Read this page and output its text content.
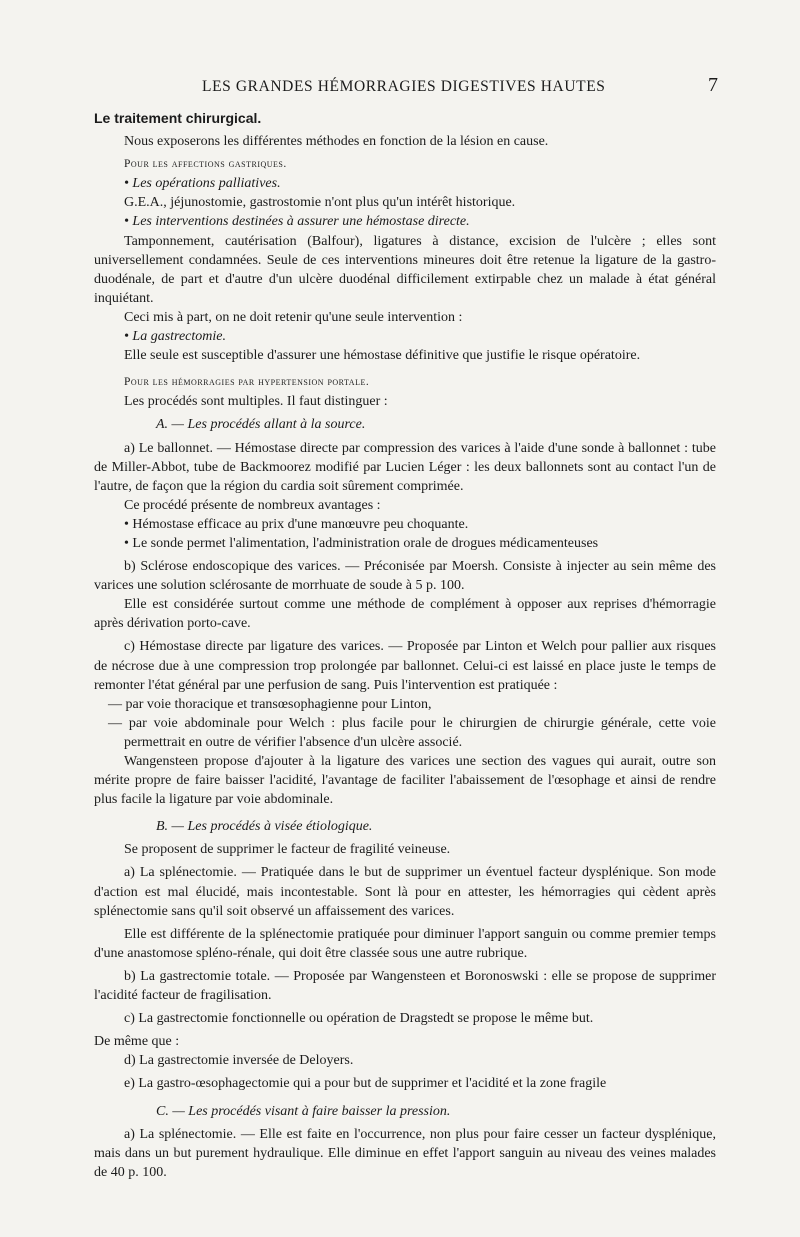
LES GRANDES HÉMORRAGIES DIGESTIVES HAUTES	7

Le traitement chirurgical.

Nous exposerons les différentes méthodes en fonction de la lésion en cause.

Pour les affections gastriques.

• Les opérations palliatives.

G.E.A., jéjunostomie, gastrostomie n'ont plus qu'un intérêt historique.

• Les interventions destinées à assurer une hémostase directe.

Tamponnement, cautérisation (Balfour), ligatures à distance, excision de l'ulcère ; elles sont universellement condamnées. Seule de ces interventions mineures doit être retenue la ligature de la gastro-duodénale, de part et d'autre d'un ulcère duodénal difficilement extirpable chez un malade à état général inquiétant.

Ceci mis à part, on ne doit retenir qu'une seule intervention :

• La gastrectomie.

Elle seule est susceptible d'assurer une hémostase définitive que justifie le risque opératoire.

Pour les hémorragies par hypertension portale.

Les procédés sont multiples. Il faut distinguer :

A. — Les procédés allant à la source.

a) Le ballonnet. — Hémostase directe par compression des varices à l'aide d'une sonde à ballonnet : tube de Miller-Abbot, tube de Backmoorez modifié par Lucien Léger : les deux ballonnets sont au contact l'un de l'autre, de façon que la région du cardia soit sûrement comprimée.

Ce procédé présente de nombreux avantages :

• Hémostase efficace au prix d'une manœuvre peu choquante.

• Le sonde permet l'alimentation, l'administration orale de drogues médicamenteuses

b) Sclérose endoscopique des varices. — Préconisée par Moersh. Consiste à injecter au sein même des varices une solution sclérosante de morrhuate de soude à 5 p. 100.

Elle est considérée surtout comme une méthode de complément à opposer aux reprises d'hémorragie après dérivation porto-cave.

c) Hémostase directe par ligature des varices. — Proposée par Linton et Welch pour pallier aux risques de nécrose due à une compression trop prolongée par ballonnet. Celui-ci est laissé en place juste le temps de remonter l'état général par une perfusion de sang. Puis l'intervention est pratiquée :

— par voie thoracique et transœsophagienne pour Linton,

— par voie abdominale pour Welch : plus facile pour le chirurgien de chirurgie générale, cette voie permettrait en outre de vérifier l'absence d'un ulcère associé.

Wangensteen propose d'ajouter à la ligature des varices une section des vagues qui aurait, outre son mérite propre de faire baisser l'acidité, l'avantage de faciliter l'abaissement de l'œsophage et ainsi de rendre plus facile la ligature par voie abdominale.

B. — Les procédés à visée étiologique.

Se proposent de supprimer le facteur de fragilité veineuse.

a) La splénectomie. — Pratiquée dans le but de supprimer un éventuel facteur dysplénique. Son mode d'action est mal élucidé, mais incontestable. Sont là pour en attester, les hémorragies qui cèdent après splénectomie sans qu'il soit observé un affaissement des varices.

Elle est différente de la splénectomie pratiquée pour diminuer l'apport sanguin ou comme premier temps d'une anastomose spléno-rénale, qui doit être classée sous une autre rubrique.

b) La gastrectomie totale. — Proposée par Wangensteen et Boronoswski : elle se propose de supprimer l'acidité facteur de fragilisation.

c) La gastrectomie fonctionnelle ou opération de Dragstedt se propose le même but.

De même que :

d) La gastrectomie inversée de Deloyers.

e) La gastro-œsophagectomie qui a pour but de supprimer et l'acidité et la zone fragile

C. — Les procédés visant à faire baisser la pression.

a) La splénectomie. — Elle est faite en l'occurrence, non plus pour faire cesser un facteur dysplénique, mais dans un but purement hydraulique. Elle diminue en effet l'apport sanguin au niveau des veines malades de 40 p. 100.
